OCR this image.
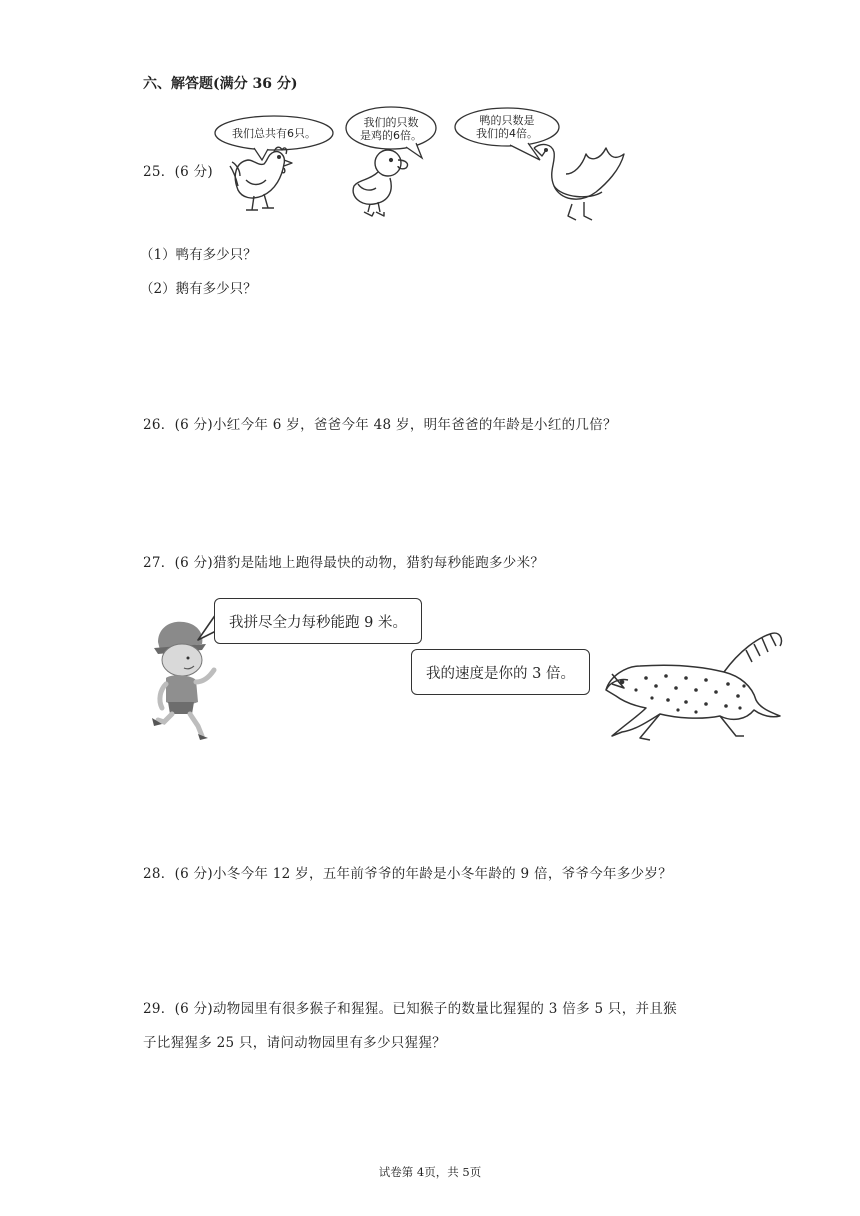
六、解答题(满分 36 分)
我们总共有6只。
我们的只数
是鸡的6倍。
鸭的只数是
我们的4倍。
25．(6 分)
（1）鸭有多少只？
（2）鹅有多少只？
26．(6 分)小红今年 6 岁，爸爸今年 48 岁，明年爸爸的年龄是小红的几倍？
27．(6 分)猎豹是陆地上跑得最快的动物，猎豹每秒能跑多少米？
我拼尽全力每秒能跑 9 米。
我的速度是你的 3 倍。
28．(6 分)小冬今年 12 岁，五年前爷爷的年龄是小冬年龄的 9 倍，爷爷今年多少岁？
29．(6 分)动物园里有很多猴子和猩猩。已知猴子的数量比猩猩的 3 倍多 5 只，并且猴
子比猩猩多 25 只，请问动物园里有多少只猩猩？
试卷第 4页，共 5页
